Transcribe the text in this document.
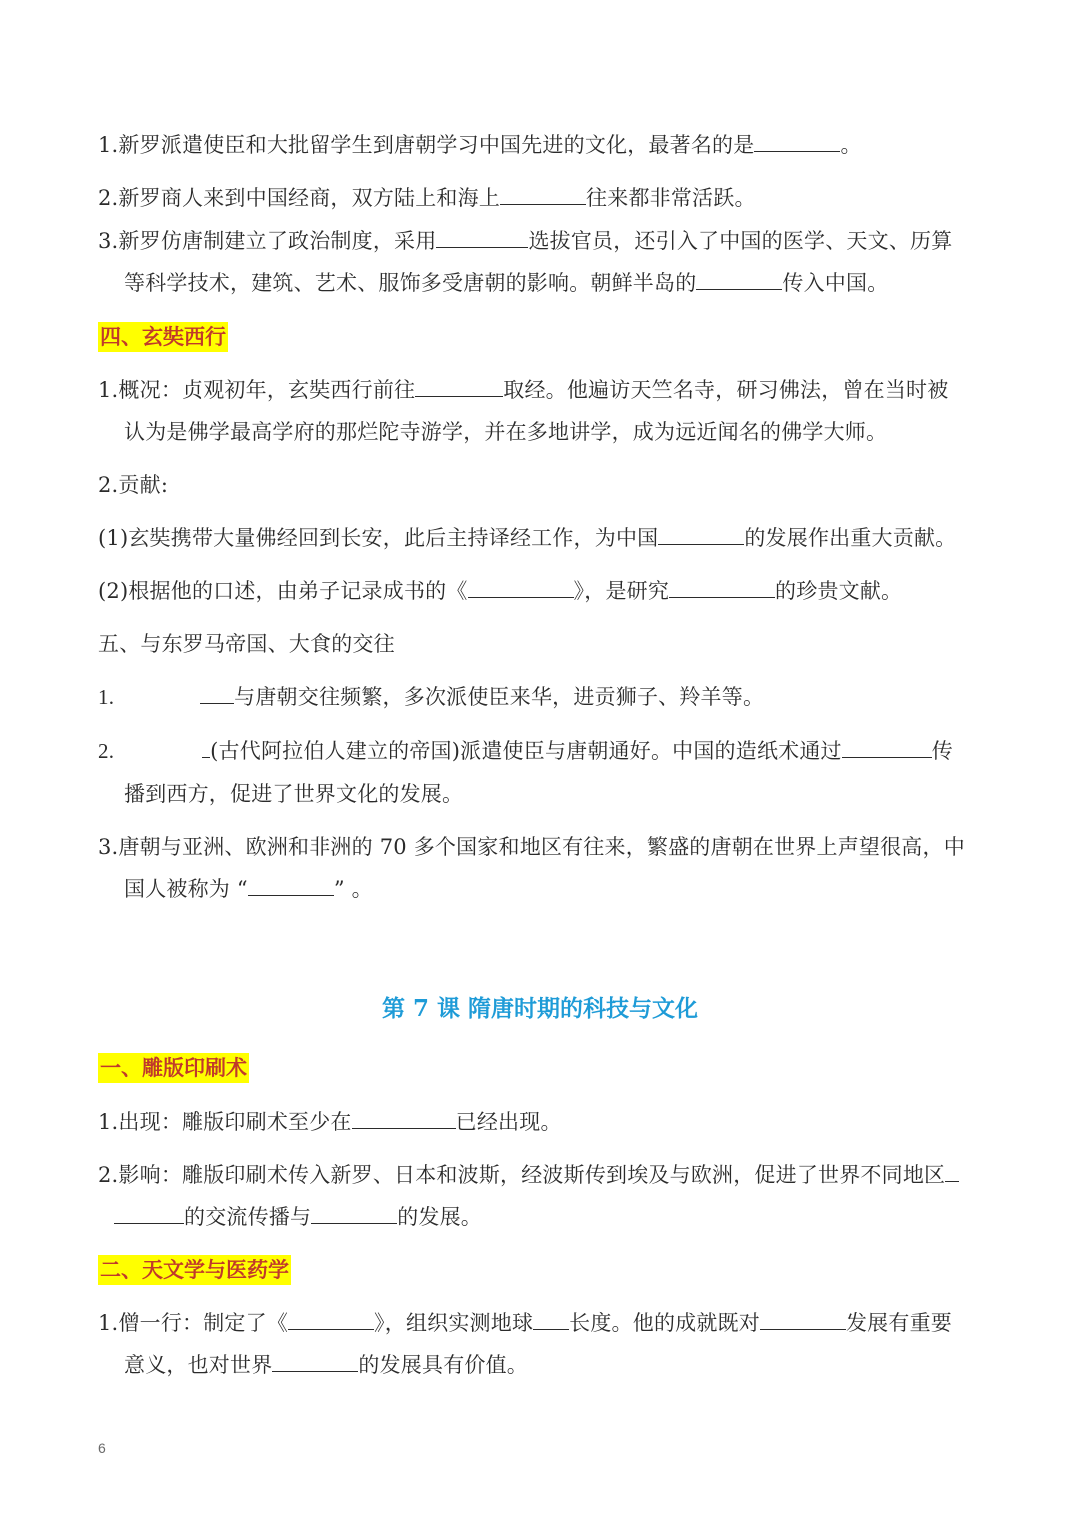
1.新罗派遣使臣和大批留学生到唐朝学习中国先进的文化，最著名的是	。
2.新罗商人来到中国经商，双方陆上和海上	往来都非常活跃。
3.新罗仿唐制建立了政治制度，采用	选拔官员，还引入了中国的医学、天文、历算
等科学技术，建筑、艺术、服饰多受唐朝的影响。朝鲜半岛的	传入中国。
四、玄奘西行
1.概况：贞观初年，玄奘西行前往	取经。他遍访天竺名寺，研习佛法，曾在当时被
认为是佛学最高学府的那烂陀寺游学，并在多地讲学，成为远近闻名的佛学大师。
2.贡献:
(1)玄奘携带大量佛经回到长安，此后主持译经工作，为中国	的发展作出重大贡献。
(2)根据他的口述，由弟子记录成书的《	》，是研究	的珍贵文献。
五、与东罗马帝国、大食的交往
1.	与唐朝交往频繁，多次派使臣来华，进贡狮子、羚羊等。
2.	(古代阿拉伯人建立的帝国)派遣使臣与唐朝通好。中国的造纸术通过	传
播到西方，促进了世界文化的发展。
3.唐朝与亚洲、欧洲和非洲的 70 多个国家和地区有往来，繁盛的唐朝在世界上声望很高，中
国人被称为 “	” 。
第 7 课 隋唐时期的科技与文化
一、雕版印刷术
1.出现：雕版印刷术至少在	已经出现。
2.影响：雕版印刷术传入新罗、日本和波斯，经波斯传到埃及与欧洲，促进了世界不同地区
的交流传播与	的发展。
二、天文学与医药学
1.僧一行：制定了《	》，组织实测地球 长度。他的成就既对	发展有重要
意义，也对世界	的发展具有价值。
6
